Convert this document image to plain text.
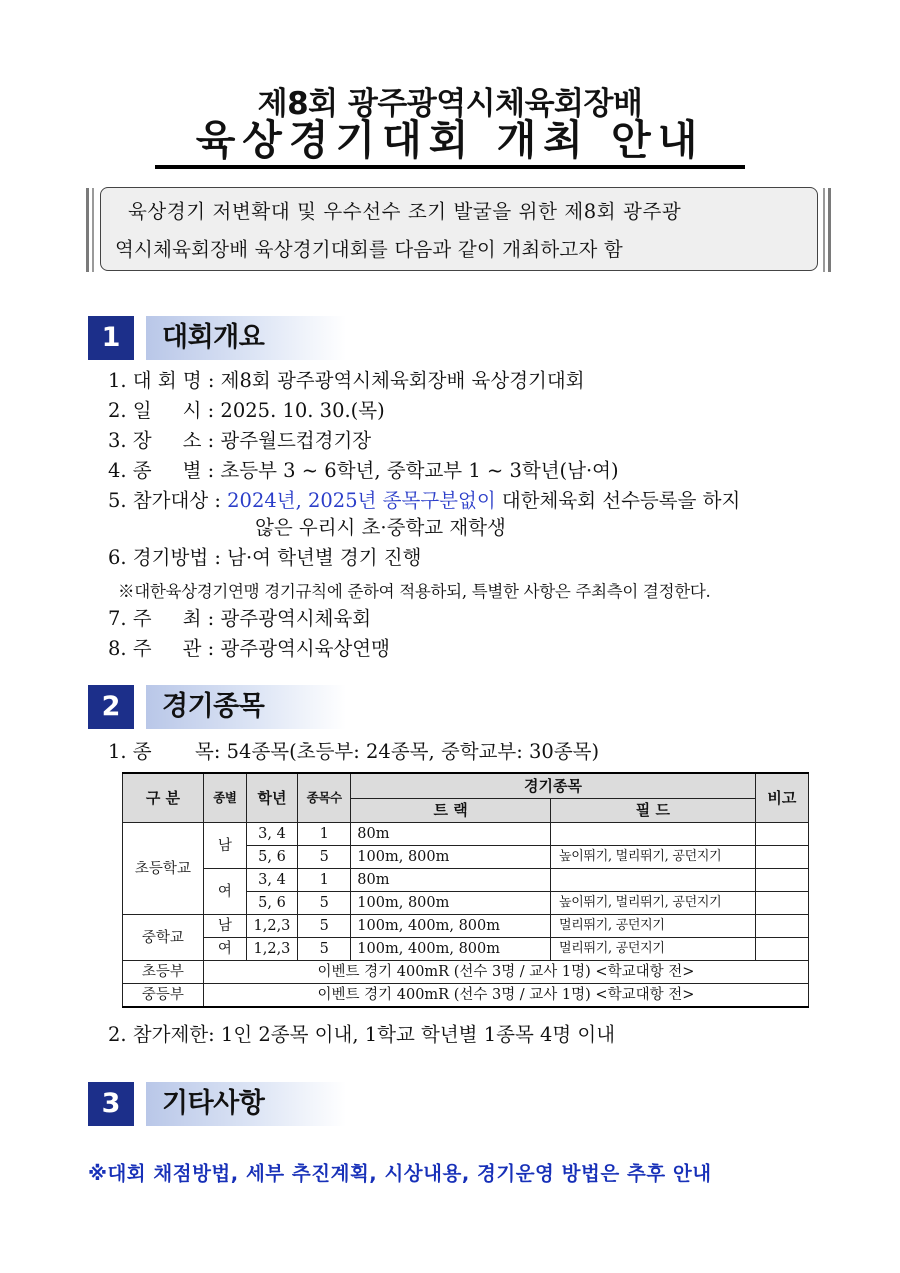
제8회 광주광역시체육회장배
육상경기대회 개최 안내
육상경기 저변확대 및 우수선수 조기 발굴을 위한 제8회 광주광
역시체육회장배 육상경기대회를 다음과 같이 개최하고자 함
1	대회개요
1. 대 회 명 : 제8회 광주광역시체육회장배 육상경기대회
2. 일     시 : 2025. 10. 30.(목)
3. 장     소 : 광주월드컵경기장
4. 종     별 : 초등부 3 ~ 6학년, 중학교부 1 ~ 3학년(남·여)
5. 참가대상 : 2024년, 2025년 종목구분없이 대한체육회 선수등록을 하지
않은 우리시 초·중학교 재학생
6. 경기방법 : 남·여 학년별 경기 진행
※대한육상경기연맹 경기규칙에 준하여 적용하되, 특별한 사항은 주최측이 결정한다.
7. 주     최 : 광주광역시체육회
8. 주     관 : 광주광역시육상연맹
2	경기종목
1. 종       목: 54종목(초등부: 24종목, 중학교부: 30종목)
구 분	종별	학년	종목수	경기종목		비고
				트 랙	필 드	
초등학교	남	3, 4	1	80m		
		5, 6	5	100m, 800m	높이뛰기, 멀리뛰기, 공던지기	
	여	3, 4	1	80m		
		5, 6	5	100m, 800m	높이뛰기, 멀리뛰기, 공던지기	
중학교	남	1,2,3	5	100m, 400m, 800m	멀리뛰기, 공던지기	
	여	1,2,3	5	100m, 400m, 800m	멀리뛰기, 공던지기	
초등부	이벤트 경기 400mR (선수 3명 / 교사 1명) <학교대항 전>					
중등부	이벤트 경기 400mR (선수 3명 / 교사 1명) <학교대항 전>					
2. 참가제한: 1인 2종목 이내, 1학교 학년별 1종목 4명 이내
3	기타사항
※대회 채점방법, 세부 추진계획, 시상내용, 경기운영 방법은 추후 안내
